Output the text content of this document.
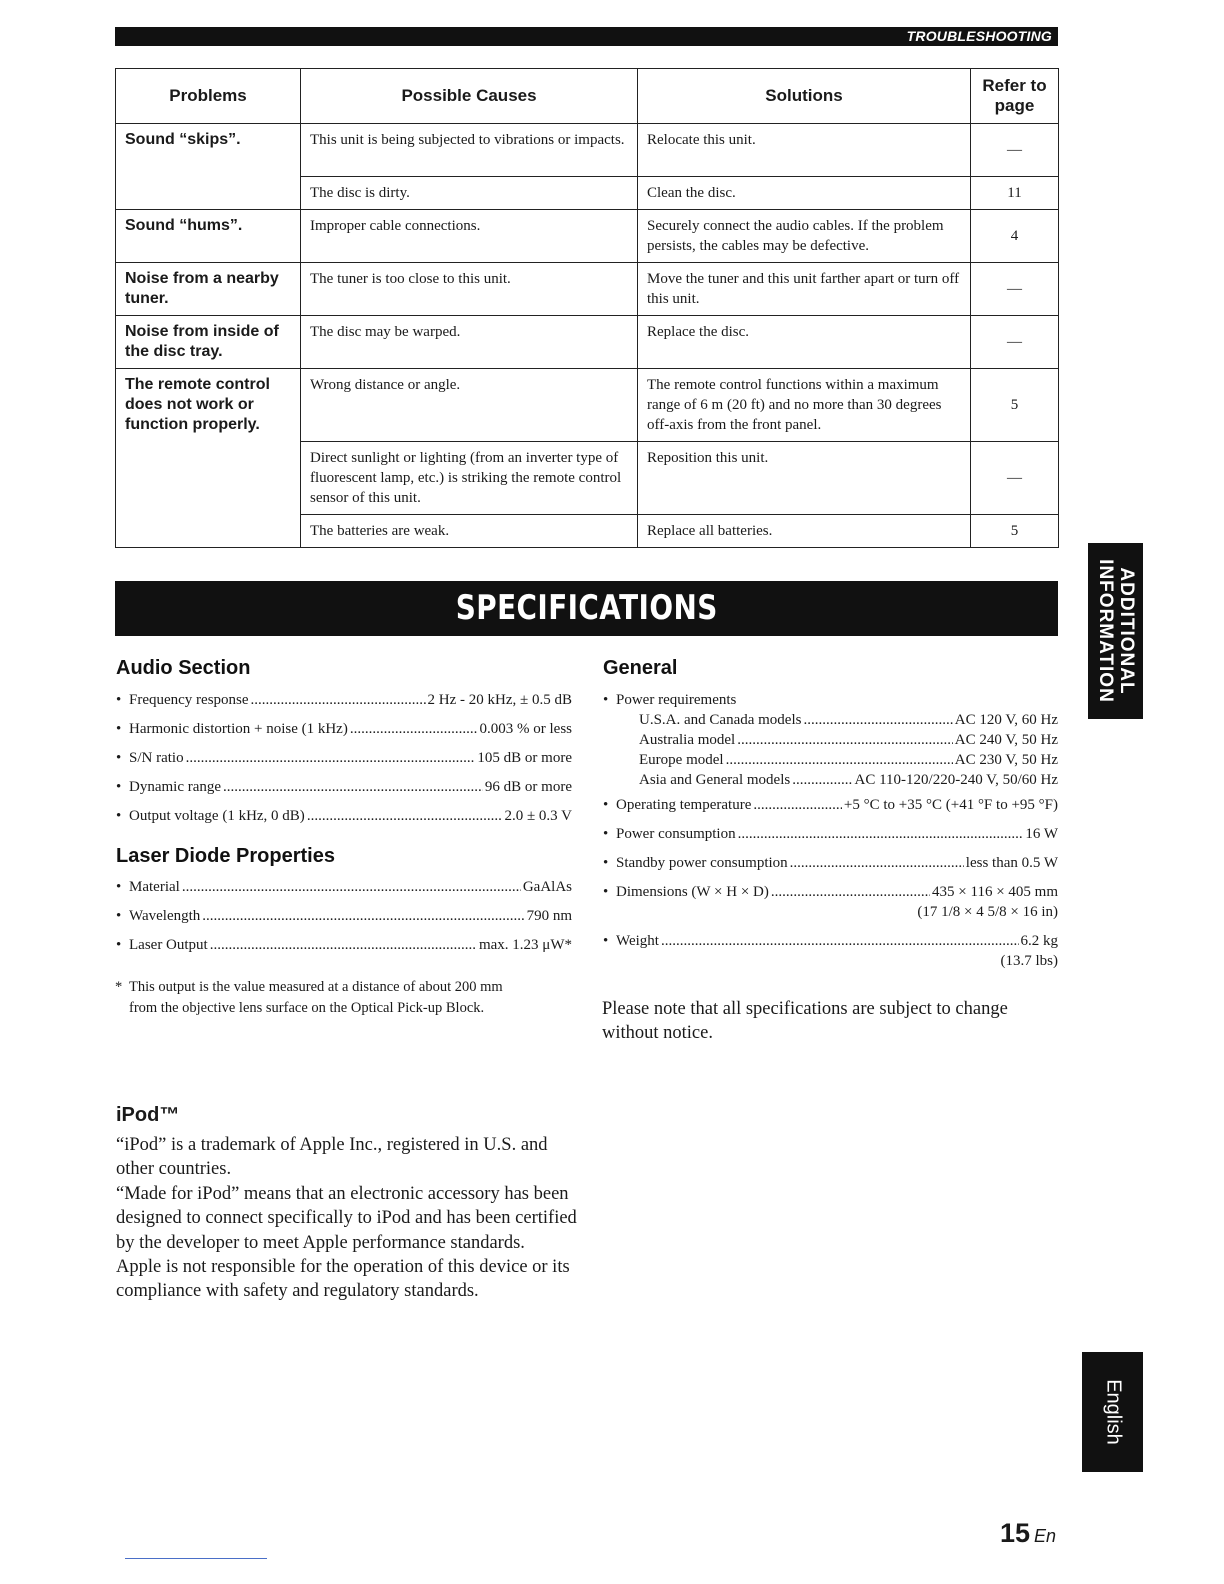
TROUBLESHOOTING
Problems	Possible Causes	Solutions	Refer to page
Sound “skips”.	This unit is being subjected to vibrations or impacts.	Relocate this unit.	—
	The disc is dirty.	Clean the disc.	11
Sound “hums”.	Improper cable connections.	Securely connect the audio cables. If the problem persists, the cables may be defective.	4
Noise from a nearby tuner.	The tuner is too close to this unit.	Move the tuner and this unit farther apart or turn off this unit.	—
Noise from inside of the disc tray.	The disc may be warped.	Replace the disc.	—
The remote control does not work or function properly.	Wrong distance or angle.	The remote control functions within a maximum range of 6 m (20 ft) and no more than 30 degrees off-axis from the front panel.	5
	Direct sunlight or lighting (from an inverter type of fluorescent lamp, etc.) is striking the remote control sensor of this unit.	Reposition this unit.	—
	The batteries are weak.	Replace all batteries.	5
SPECIFICATIONS
Audio Section
• Frequency response .....	2 Hz - 20 kHz, ± 0.5 dB
• Harmonic distortion + noise (1 kHz) .....	0.003 % or less
• S/N ratio .....	105 dB or more
• Dynamic range .....	96 dB or more
• Output voltage (1 kHz, 0 dB) .....	2.0 ± 0.3 V
Laser Diode Properties
• Material .....	GaAlAs
• Wavelength .....	790 nm
• Laser Output .....	max. 1.23 μW*
* This output is the value measured at a distance of about 200 mm
from the objective lens surface on the Optical Pick-up Block.
General
• Power requirements
U.S.A. and Canada models .....	AC 120 V, 60 Hz
Australia model .....	AC 240 V, 50 Hz
Europe model .....	AC 230 V, 50 Hz
Asia and General models .....	AC 110-120/220-240 V, 50/60 Hz
• Operating temperature .....	+5 °C to +35 °C (+41 °F to +95 °F)
• Power consumption .....	16 W
• Standby power consumption .....	less than 0.5 W
• Dimensions (W × H × D) .....	435 × 116 × 405 mm
(17 1/8 × 4 5/8 × 16 in)
• Weight .....	6.2 kg
(13.7 lbs)
Please note that all specifications are subject to change without notice.
iPod™

“iPod” is a trademark of Apple Inc., registered in U.S. and other countries.

“Made for iPod” means that an electronic accessory has been designed to connect specifically to iPod and has been certified by the developer to meet Apple performance standards.

Apple is not responsible for the operation of this device or its compliance with safety and regulatory standards.

ADDITIONAL
INFORMATION
English
15 En
